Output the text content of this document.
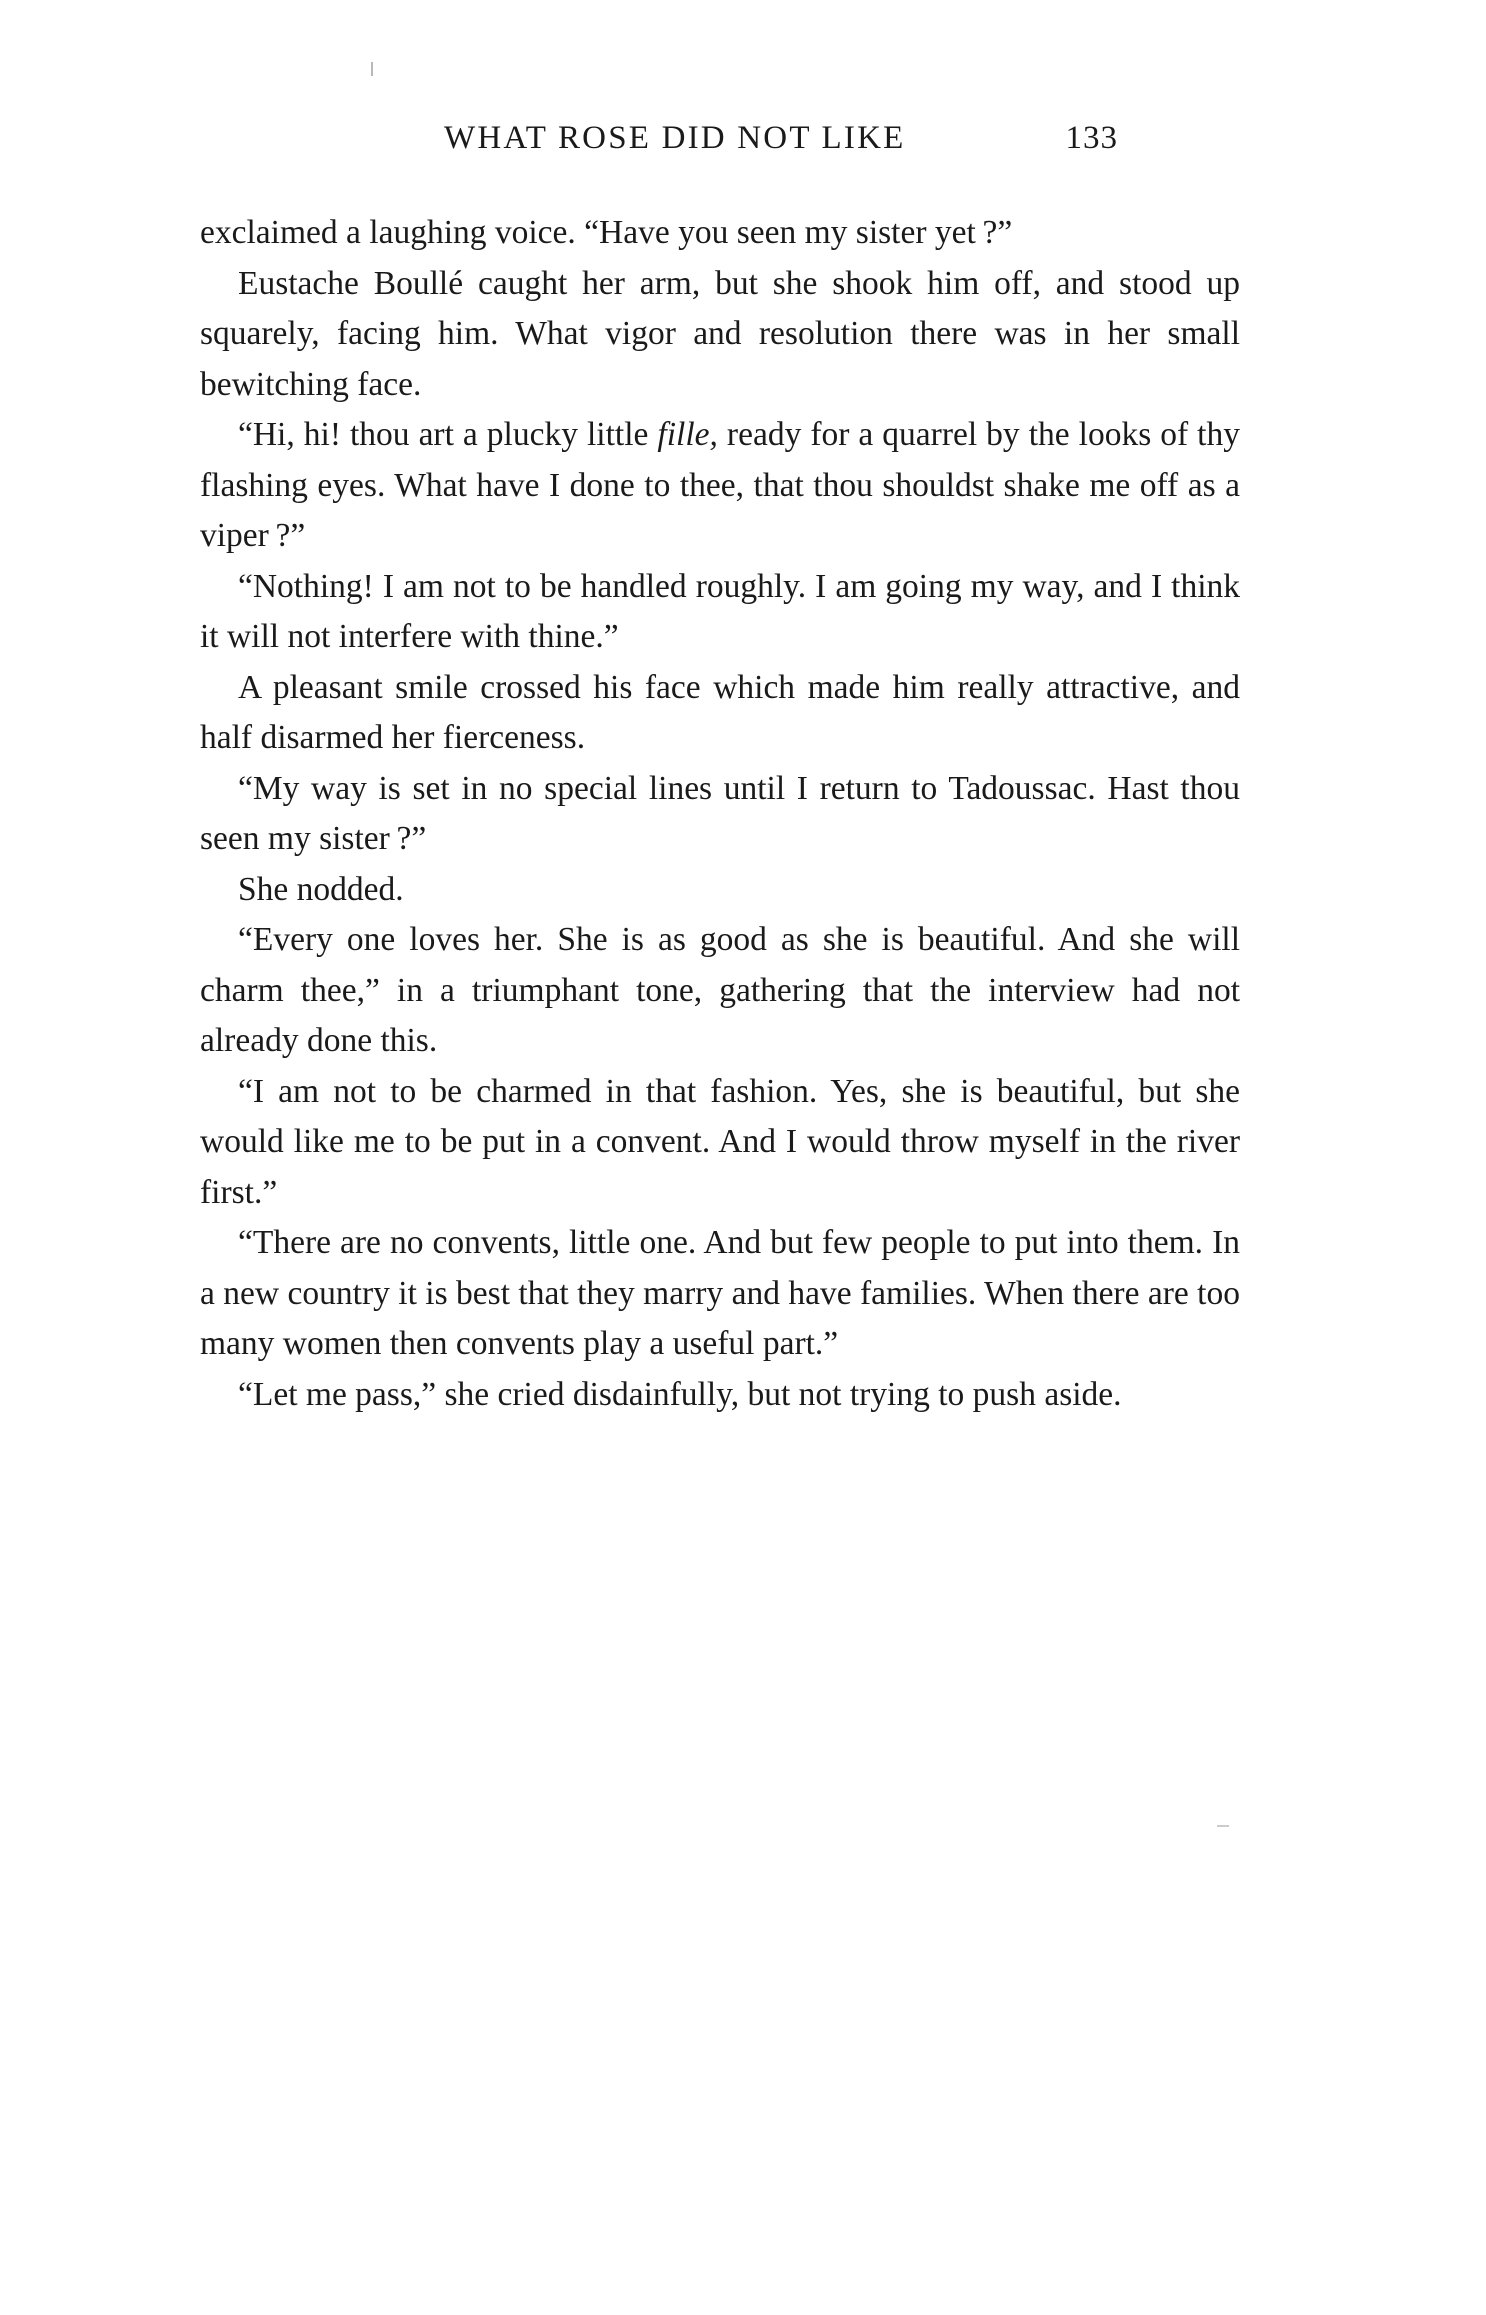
WHAT ROSE DID NOT LIKE	133

exclaimed a laughing voice. “Have you seen my sister yet ?”

Eustache Boullé caught her arm, but she shook him off, and stood up squarely, facing him. What vigor and resolution there was in her small bewitching face.

“Hi, hi! thou art a plucky little fille, ready for a quarrel by the looks of thy flashing eyes. What have I done to thee, that thou shouldst shake me off as a viper ?”

“Nothing! I am not to be handled roughly. I am going my way, and I think it will not interfere with thine.”

A pleasant smile crossed his face which made him really attractive, and half disarmed her fierceness.

“My way is set in no special lines until I return to Tadoussac. Hast thou seen my sister ?”

She nodded.

“Every one loves her. She is as good as she is beautiful. And she will charm thee,” in a triumphant tone, gathering that the interview had not already done this.

“I am not to be charmed in that fashion. Yes, she is beautiful, but she would like me to be put in a convent. And I would throw myself in the river first.”

“There are no convents, little one. And but few people to put into them. In a new country it is best that they marry and have families. When there are too many women then convents play a useful part.”

“Let me pass,” she cried disdainfully, but not trying to push aside.
